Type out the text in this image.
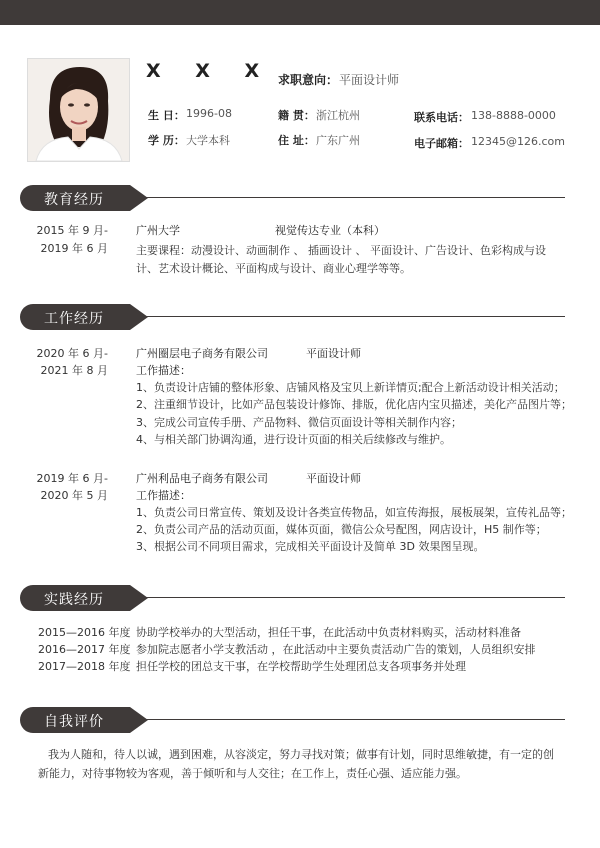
X X X 求职意向： 平面设计师
生 日： 1996-08	籍 贯： 浙江杭州	联系电话： 138-8888-0000
学 历： 大学本科	住 址： 广东广州	电子邮箱： 12345@126.com
教育经历
2015 年 9 月-
2019 年 6 月
广州大学	视觉传达专业（本科）
主要课程：动漫设计、动画制作 、 插画设计 、 平面设计、广告设计、色彩构成与设
计、艺术设计概论、平面构成与设计、商业心理学等等。
工作经历
2020 年 6 月-
2021 年 8 月
广州圈层电子商务有限公司	平面设计师
工作描述：
1、负责设计店铺的整体形象、店铺风格及宝贝上新详情页;配合上新活动设计相关活动；
2、注重细节设计，比如产品包装设计修饰、排版，优化店内宝贝描述，美化产品图片等；
3、完成公司宣传手册、产品物料、微信页面设计等相关制作内容；
4、与相关部门协调沟通，进行设计页面的相关后续修改与维护。
2019 年 6 月-
2020 年 5 月
广州利品电子商务有限公司	平面设计师
工作描述：
1、负责公司日常宣传、策划及设计各类宣传物品，如宣传海报，展板展架，宣传礼品等；
2、负责公司产品的活动页面，媒体页面，微信公众号配图，网店设计，H5 制作等；
3、根据公司不同项目需求，完成相关平面设计及简单 3D 效果图呈现。
实践经历
2015—2016 年度 协助学校举办的大型活动，担任干事，在此活动中负责材料购买，活动材料准备
2016—2017 年度 参加院志愿者小学支教活动 ，在此活动中主要负责活动广告的策划，人员组织安排
2017—2018 年度 担任学校的团总支干事，在学校帮助学生处理团总支各项事务并处理
自我评价
我为人随和，待人以诚，遇到困难，从容淡定，努力寻找对策；做事有计划，同时思维敏捷，有一定的创
新能力，对待事物较为客观，善于倾听和与人交往；在工作上，责任心强、适应能力强。
